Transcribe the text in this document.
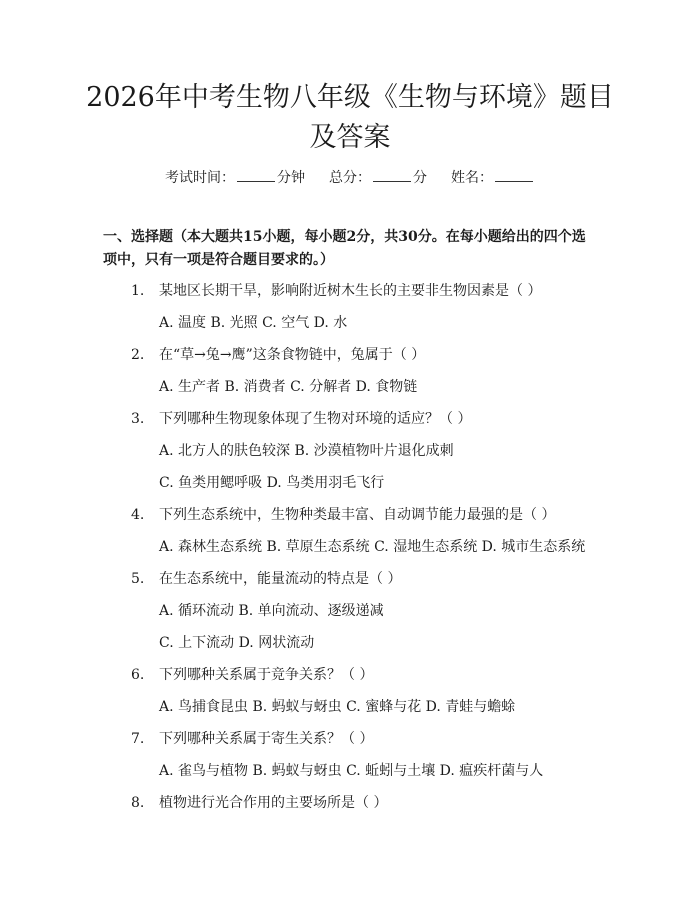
2026年中考生物八年级《生物与环境》题目
及答案
考试时间：	分钟 总分：	分 姓名：
一、选择题（本大题共15小题，每小题2分，共30分。在每小题给出的四个选
项中，只有一项是符合题目要求的。）
1. 某地区长期干旱，影响附近树木生长的主要非生物因素是（ ）
A. 温度 B. 光照 C. 空气 D. 水
2. 在“草→兔→鹰”这条食物链中，兔属于（ ）
A. 生产者 B. 消费者 C. 分解者 D. 食物链
3. 下列哪种生物现象体现了生物对环境的适应？（ ）
A. 北方人的肤色较深 B. 沙漠植物叶片退化成刺
C. 鱼类用鳃呼吸 D. 鸟类用羽毛飞行
4. 下列生态系统中，生物种类最丰富、自动调节能力最强的是（ ）
A. 森林生态系统 B. 草原生态系统 C. 湿地生态系统 D. 城市生态系统
5. 在生态系统中，能量流动的特点是（ ）
A. 循环流动 B. 单向流动、逐级递减
C. 上下流动 D. 网状流动
6. 下列哪种关系属于竞争关系？（ ）
A. 鸟捕食昆虫 B. 蚂蚁与蚜虫 C. 蜜蜂与花 D. 青蛙与蟾蜍
7. 下列哪种关系属于寄生关系？（ ）
A. 雀鸟与植物 B. 蚂蚁与蚜虫 C. 蚯蚓与土壤 D. 瘟疾杆菌与人
8. 植物进行光合作用的主要场所是（ ）
